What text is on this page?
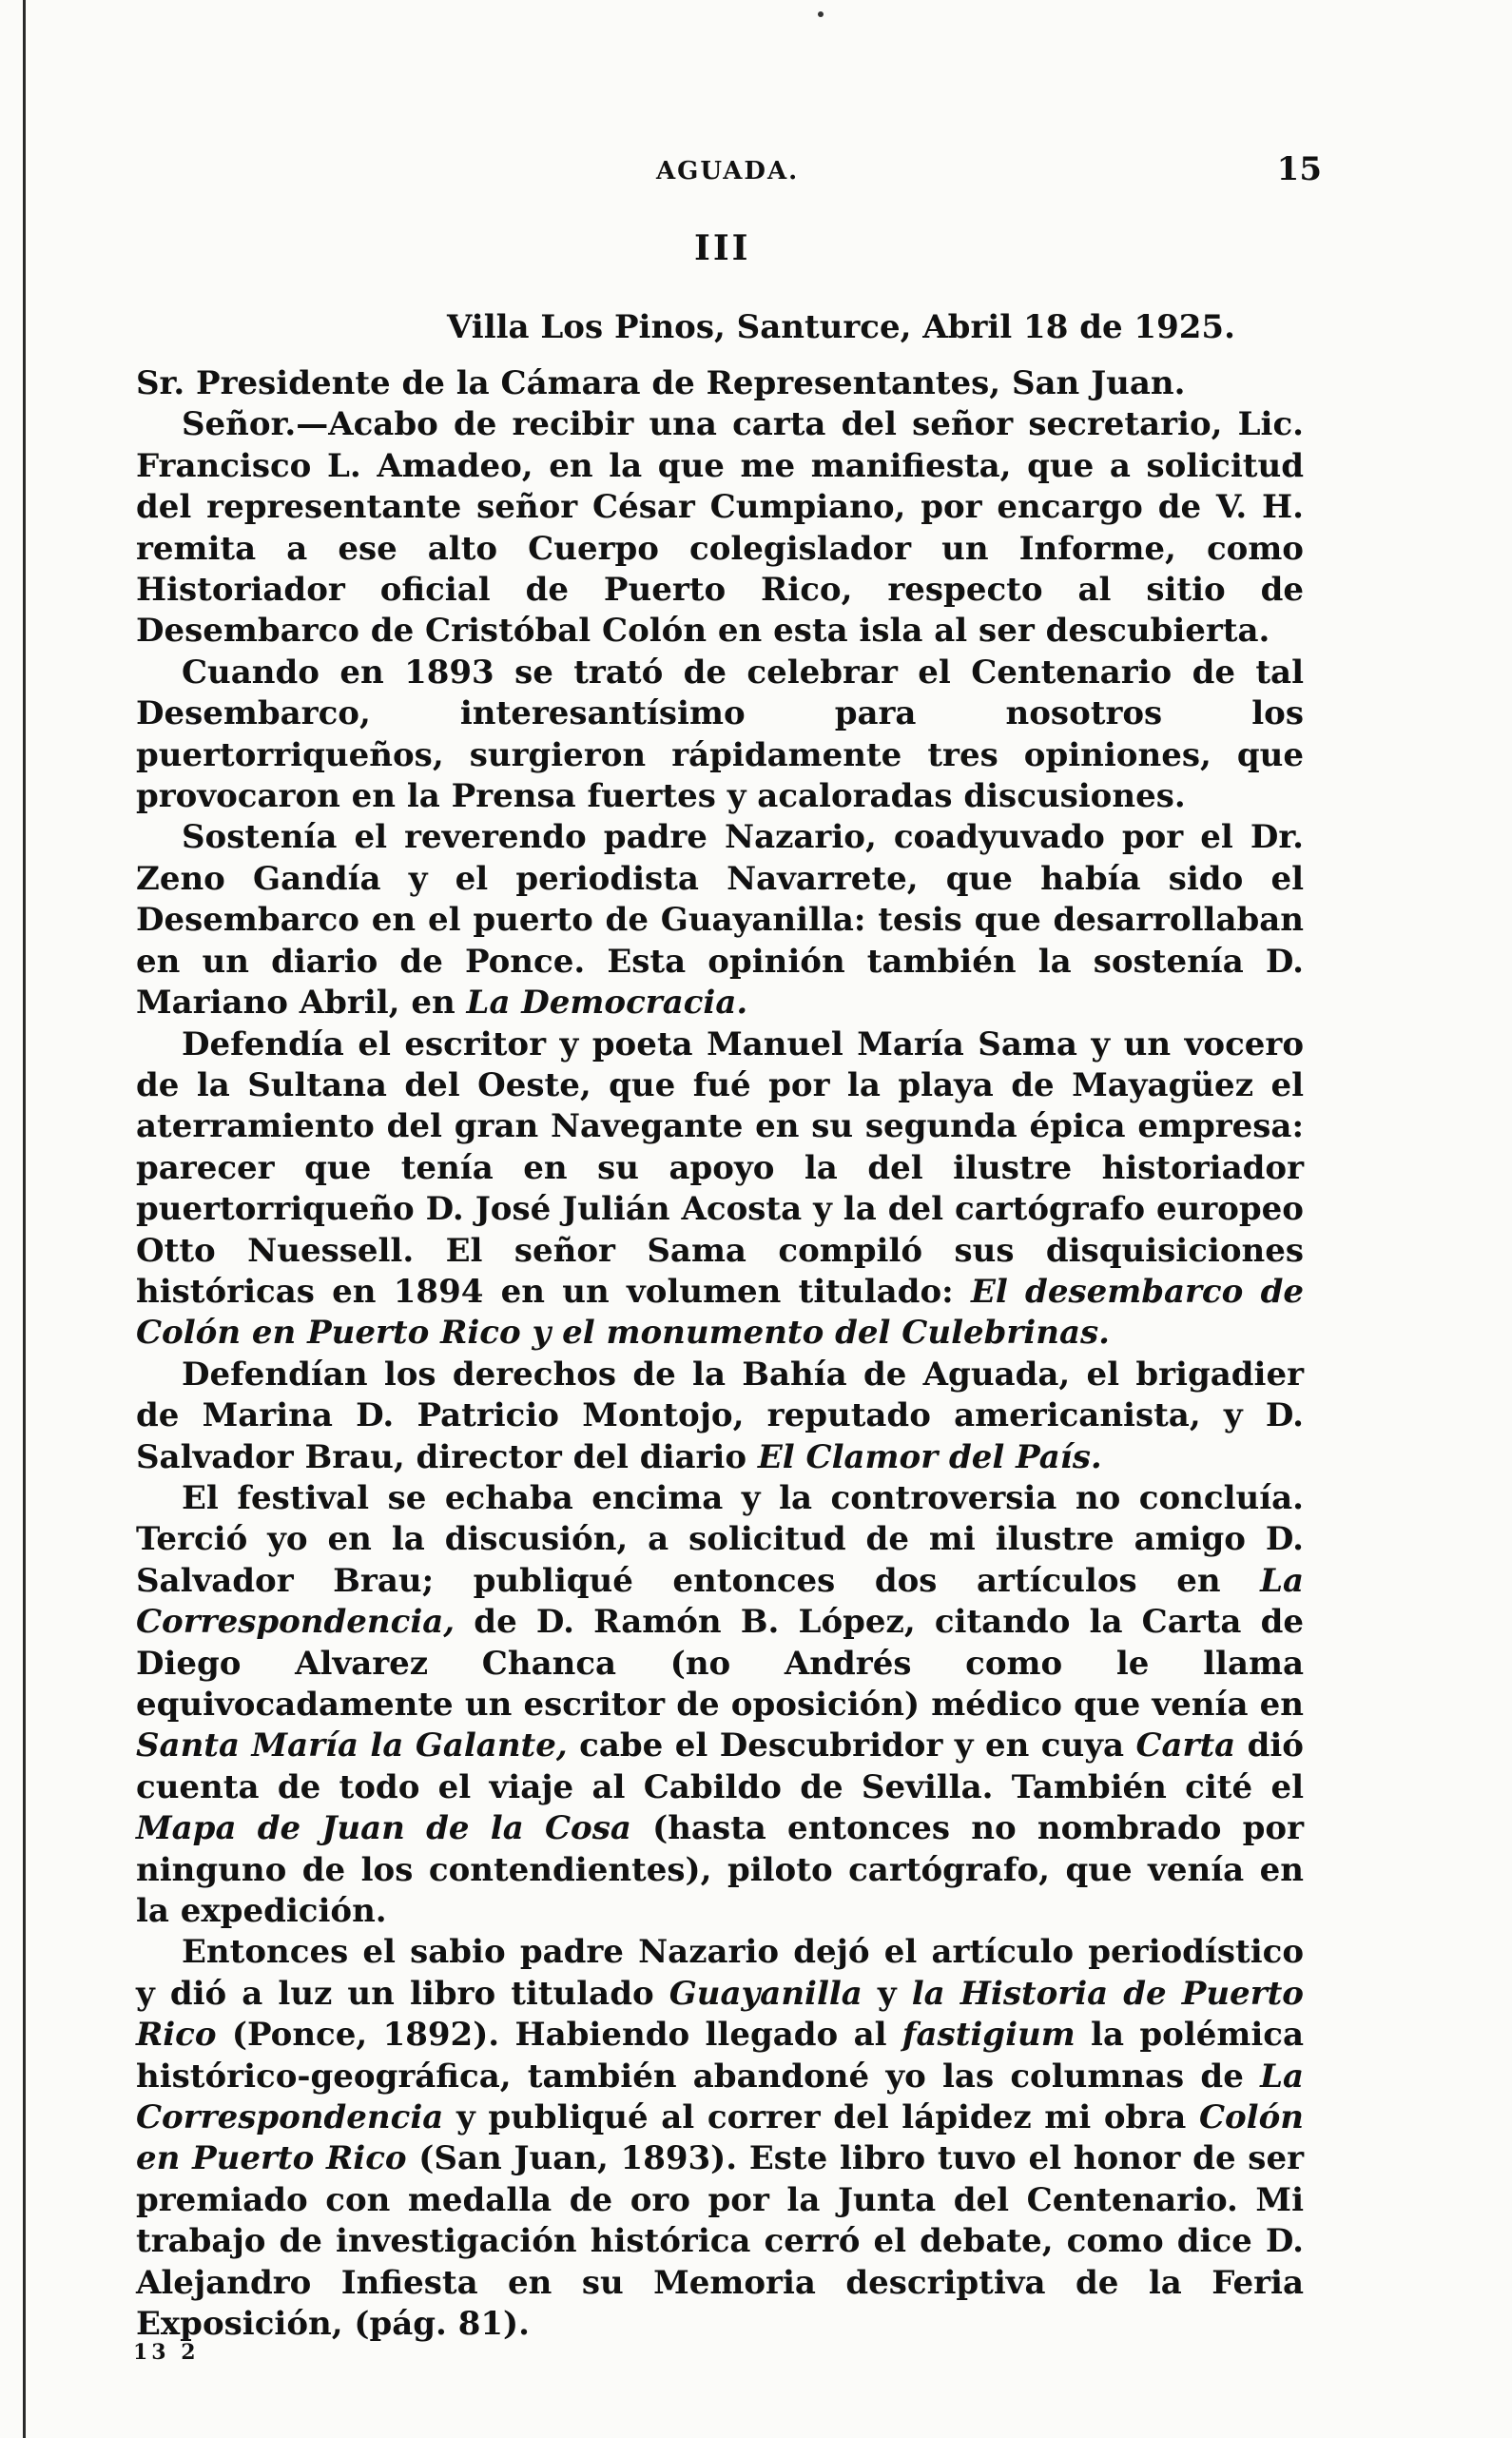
AGUADA.	15
III
Villa Los Pinos, Santurce, Abril 18 de 1925.

Sr. Presidente de la Cámara de Representantes, San Juan.

Señor.—Acabo de recibir una carta del señor secretario, Lic. Francisco L. Amadeo, en la que me manifiesta, que a solicitud del representante señor César Cumpiano, por encargo de V. H. remita a ese alto Cuerpo colegislador un Informe, como Historiador oficial de Puerto Rico, respecto al sitio de Desembarco de Cristóbal Colón en esta isla al ser descubierta.

Cuando en 1893 se trató de celebrar el Centenario de tal Desembarco, interesantísimo para nosotros los puertorriqueños, surgieron rápidamente tres opiniones, que provocaron en la Prensa fuertes y acaloradas discusiones.

Sostenía el reverendo padre Nazario, coadyuvado por el Dr. Zeno Gandía y el periodista Navarrete, que había sido el Desembarco en el puerto de Guayanilla: tesis que desarrollaban en un diario de Ponce. Esta opinión también la sostenía D. Mariano Abril, en La Democracia.

Defendía el escritor y poeta Manuel María Sama y un vocero de la Sultana del Oeste, que fué por la playa de Mayagüez el aterramiento del gran Navegante en su segunda épica empresa: parecer que tenía en su apoyo la del ilustre historiador puertorriqueño D. José Julián Acosta y la del cartógrafo europeo Otto Nuessell. El señor Sama compiló sus disquisiciones históricas en 1894 en un volumen titulado: El desembarco de Colón en Puerto Rico y el monumento del Culebrinas.

Defendían los derechos de la Bahía de Aguada, el brigadier de Marina D. Patricio Montojo, reputado americanista, y D. Salvador Brau, director del diario El Clamor del País.

El festival se echaba encima y la controversia no concluía. Terció yo en la discusión, a solicitud de mi ilustre amigo D. Salvador Brau; publiqué entonces dos artículos en La Correspondencia, de D. Ramón B. López, citando la Carta de Diego Alvarez Chanca (no Andrés como le llama equivocadamente un escritor de oposición) médico que venía en Santa María la Galante, cabe el Descubridor y en cuya Carta dió cuenta de todo el viaje al Cabildo de Sevilla. También cité el Mapa de Juan de la Cosa (hasta entonces no nombrado por ninguno de los contendientes), piloto cartógrafo, que venía en la expedición.

Entonces el sabio padre Nazario dejó el artículo periodístico y dió a luz un libro titulado Guayanilla y la Historia de Puerto Rico (Ponce, 1892). Habiendo llegado al fastigium la polémica histórico-geográfica, también abandoné yo las columnas de La Correspondencia y publiqué al correr del lápidez mi obra Colón en Puerto Rico (San Juan, 1893). Este libro tuvo el honor de ser premiado con medalla de oro por la Junta del Centenario. Mi trabajo de investigación histórica cerró el debate, como dice D. Alejandro Infiesta en su Memoria descriptiva de la Feria Exposición, (pág. 81).

13 2
